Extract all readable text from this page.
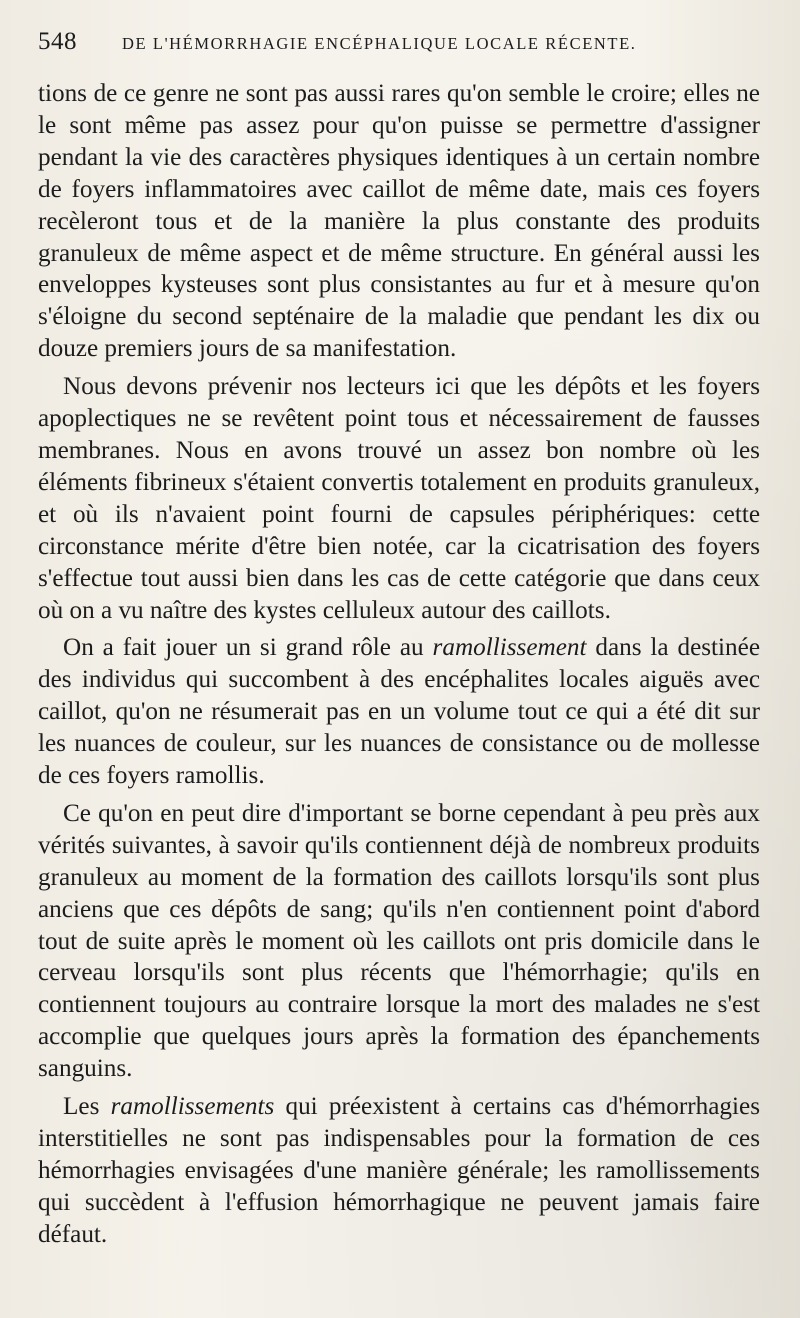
548	DE L'HÉMORRHAGIE ENCÉPHALIQUE LOCALE RÉCENTE.

tions de ce genre ne sont pas aussi rares qu'on semble le croire; elles ne le sont même pas assez pour qu'on puisse se permettre d'assigner pendant la vie des caractères physiques identiques à un certain nombre de foyers inflammatoires avec caillot de même date, mais ces foyers recèleront tous et de la manière la plus constante des produits granuleux de même aspect et de même structure. En général aussi les enveloppes kysteuses sont plus consistantes au fur et à mesure qu'on s'éloigne du second septénaire de la maladie que pendant les dix ou douze premiers jours de sa manifestation.

Nous devons prévenir nos lecteurs ici que les dépôts et les foyers apoplectiques ne se revêtent point tous et nécessairement de fausses membranes. Nous en avons trouvé un assez bon nombre où les éléments fibrineux s'étaient convertis totalement en produits granuleux, et où ils n'avaient point fourni de capsules périphériques: cette circonstance mérite d'être bien notée, car la cicatrisation des foyers s'effectue tout aussi bien dans les cas de cette catégorie que dans ceux où on a vu naître des kystes celluleux autour des caillots.

On a fait jouer un si grand rôle au ramollissement dans la destinée des individus qui succombent à des encéphalites locales aiguës avec caillot, qu'on ne résumerait pas en un volume tout ce qui a été dit sur les nuances de couleur, sur les nuances de consistance ou de mollesse de ces foyers ramollis.

Ce qu'on en peut dire d'important se borne cependant à peu près aux vérités suivantes, à savoir qu'ils contiennent déjà de nombreux produits granuleux au moment de la formation des caillots lorsqu'ils sont plus anciens que ces dépôts de sang; qu'ils n'en contiennent point d'abord tout de suite après le moment où les caillots ont pris domicile dans le cerveau lorsqu'ils sont plus récents que l'hémorrhagie; qu'ils en contiennent toujours au contraire lorsque la mort des malades ne s'est accomplie que quelques jours après la formation des épanchements sanguins.

Les ramollissements qui préexistent à certains cas d'hémorrhagies interstitielles ne sont pas indispensables pour la formation de ces hémorrhagies envisagées d'une manière générale; les ramollissements qui succèdent à l'effusion hémorrhagique ne peuvent jamais faire défaut.
